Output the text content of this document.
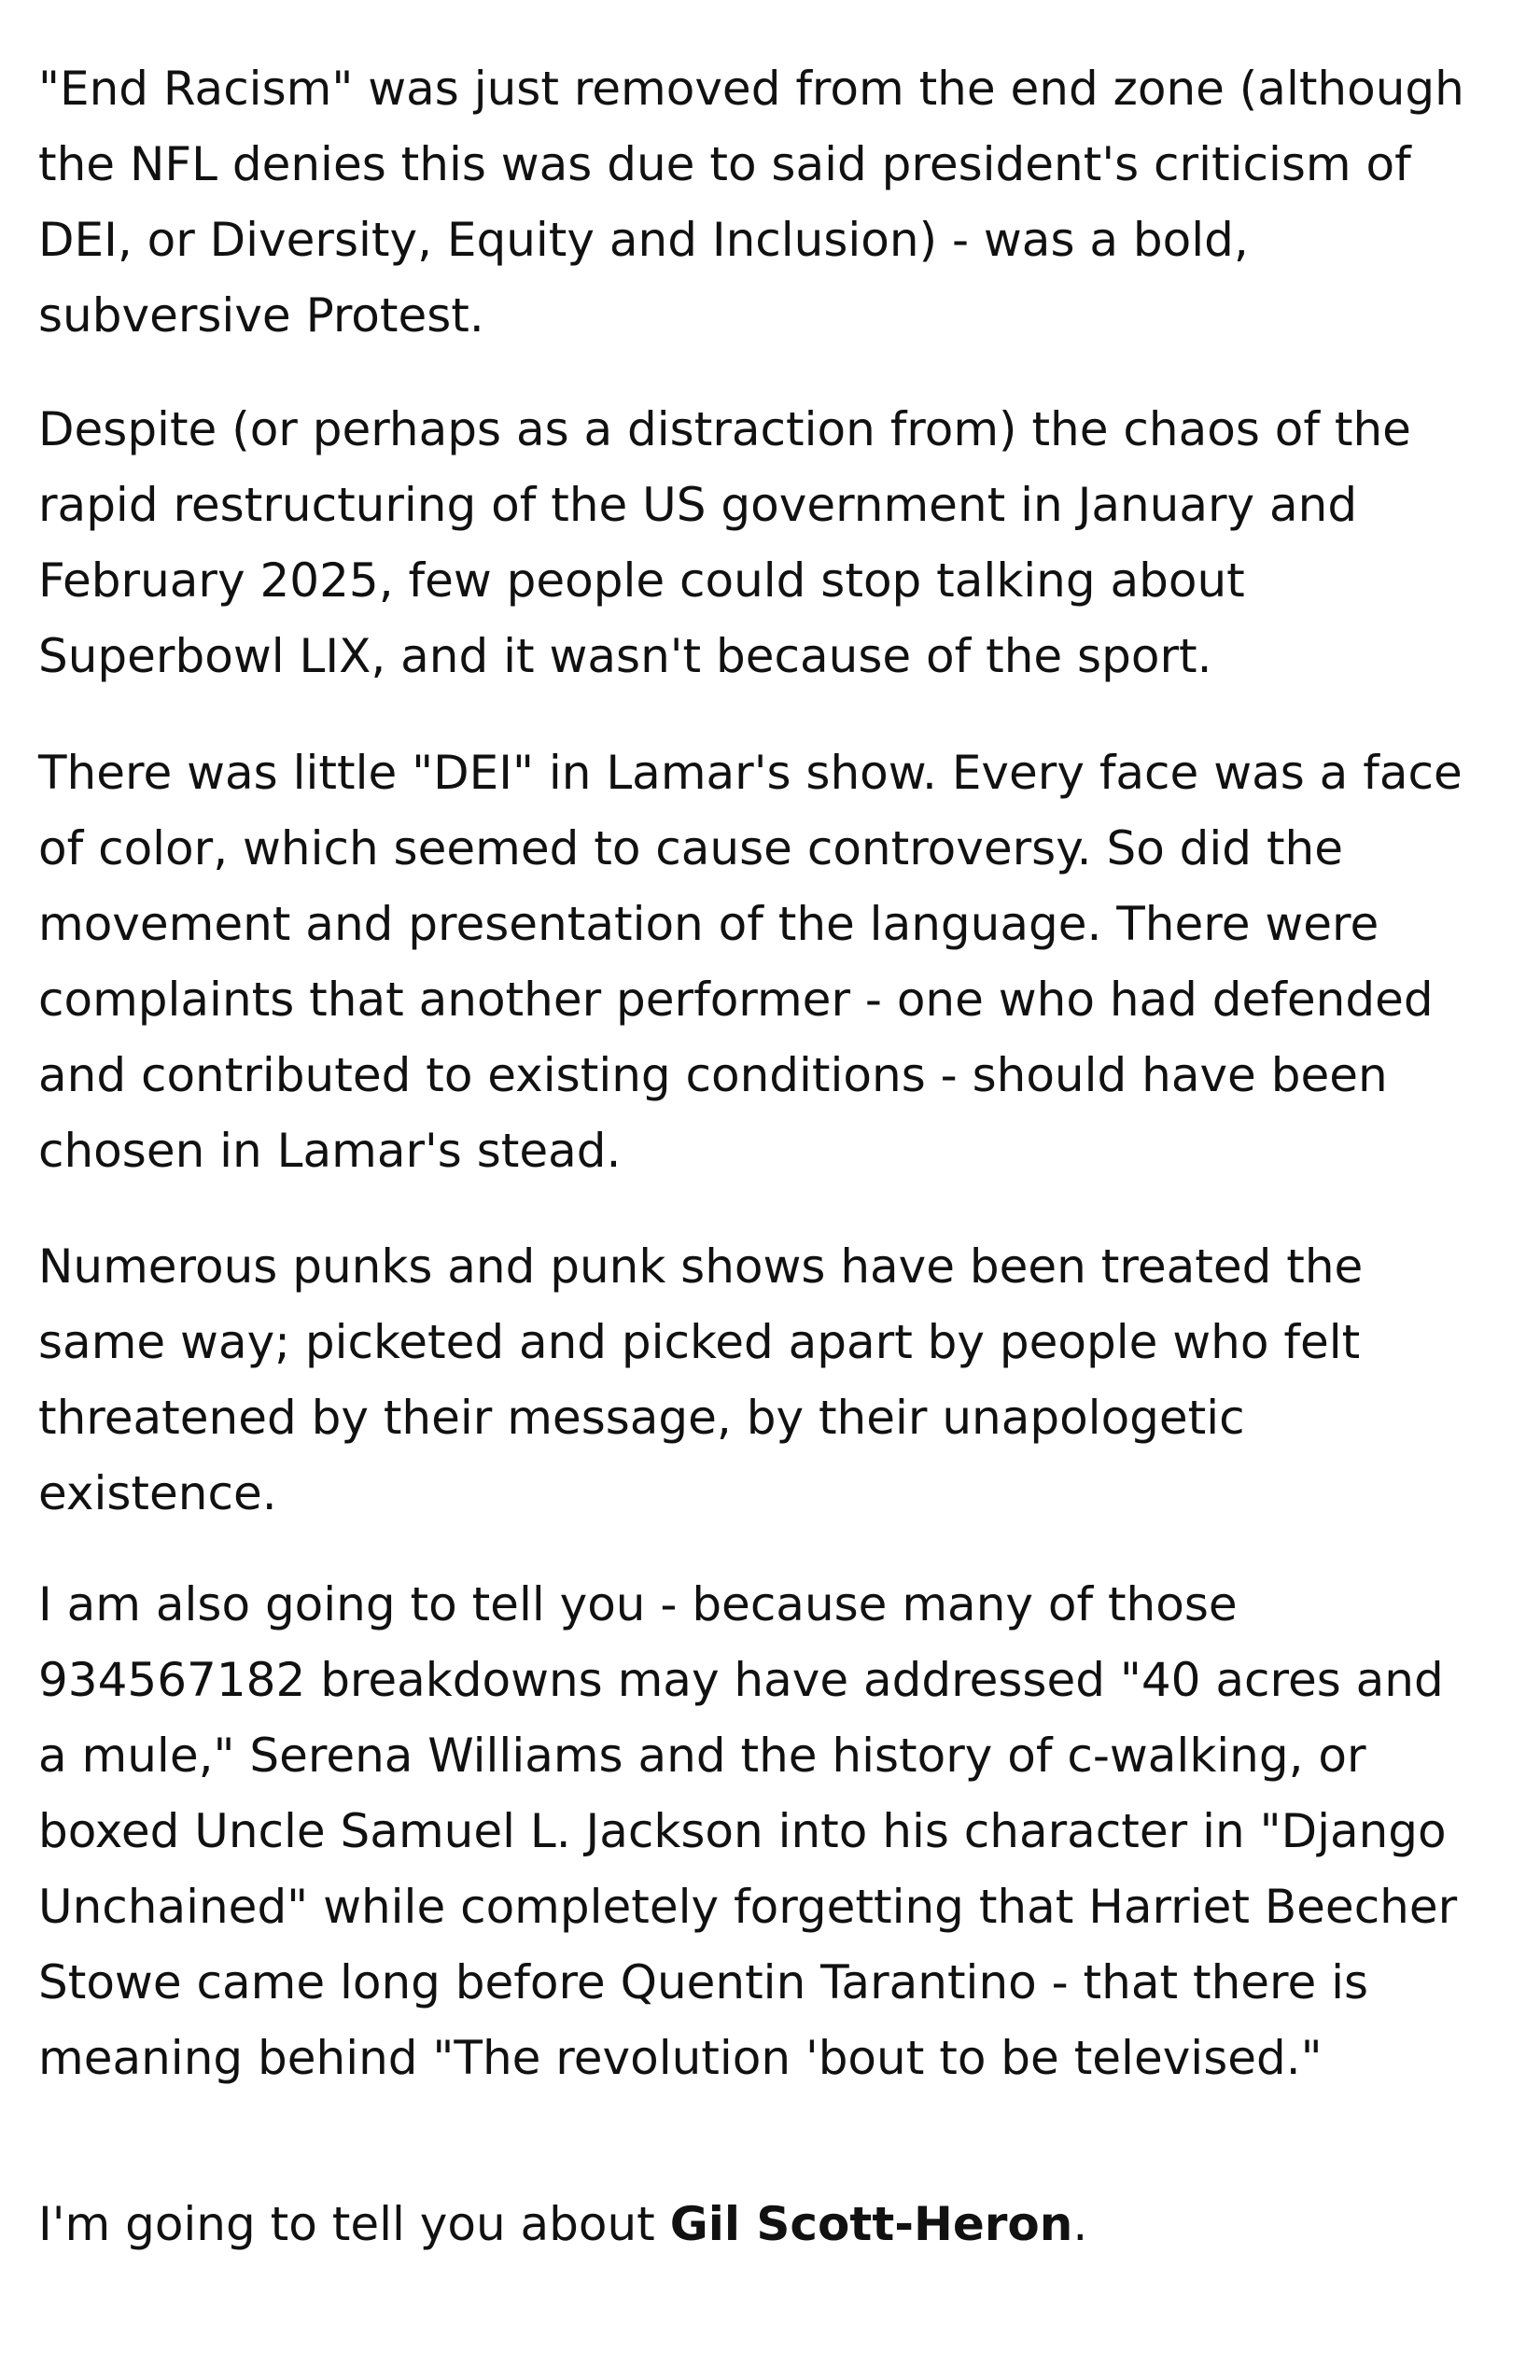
"End Racism" was just removed from the end zone (although the NFL denies this was due to said president's criticism of DEI, or Diversity, Equity and Inclusion) - was a bold, subversive Protest.

Despite (or perhaps as a distraction from) the chaos of the rapid restructuring of the US government in January and February 2025, few people could stop talking about Superbowl LIX, and it wasn't because of the sport.

There was little "DEI" in Lamar's show. Every face was a face of color, which seemed to cause controversy. So did the movement and presentation of the language. There were complaints that another performer - one who had defended and contributed to existing conditions - should have been chosen in Lamar's stead.

Numerous punks and punk shows have been treated the same way; picketed and picked apart by people who felt threatened by their message, by their unapologetic existence.

I am also going to tell you - because many of those 934567182 breakdowns may have addressed "40 acres and a mule," Serena Williams and the history of c-walking, or boxed Uncle Samuel L. Jackson into his character in "Django Unchained" while completely forgetting that Harriet Beecher Stowe came long before Quentin Tarantino - that there is meaning behind "The revolution 'bout to be televised."

I'm going to tell you about Gil Scott-Heron.
